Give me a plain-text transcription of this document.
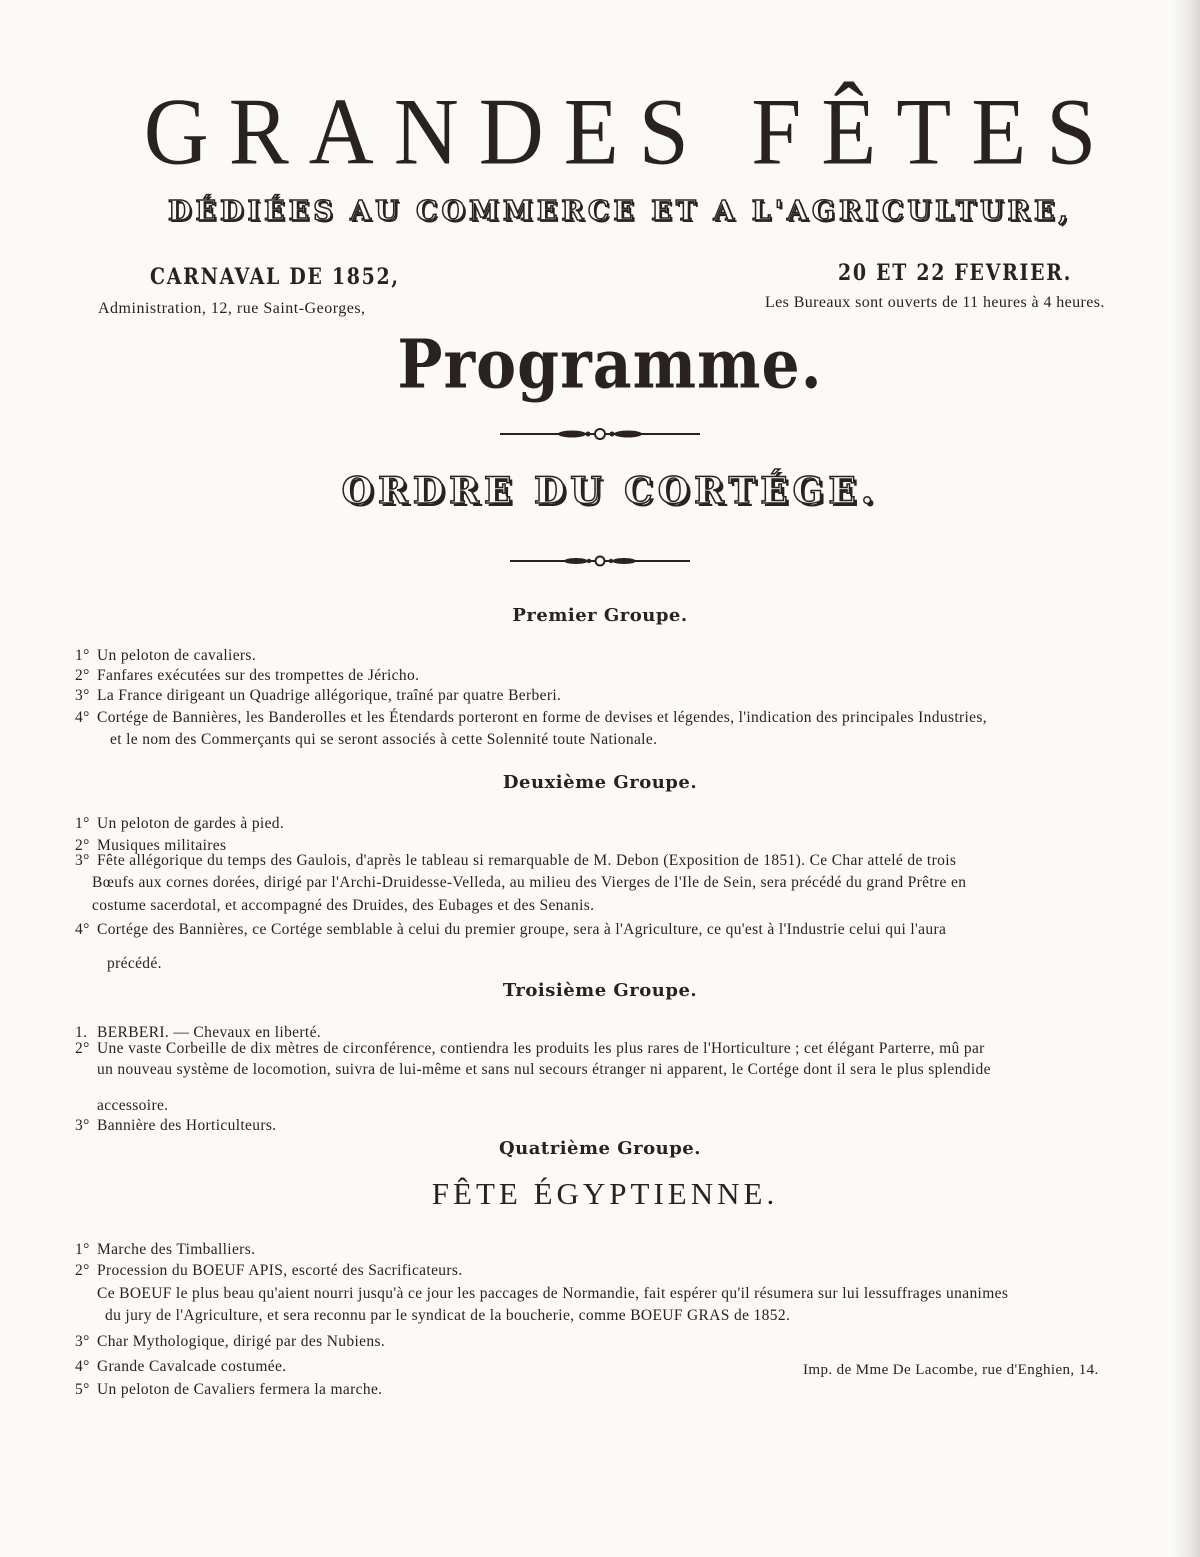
GRANDES FÊTES
DÉDIÉES AU COMMERCE ET A L'AGRICULTURE,
CARNAVAL DE 1852,
Administration, 12, rue Saint-Georges,
20 ET 22 FEVRIER.
Les Bureaux sont ouverts de 11 heures à 4 heures.
Programme.
ORDRE DU CORTÉGE.
Premier Groupe.
1° Un peloton de cavaliers.
2° Fanfares exécutées sur des trompettes de Jéricho.
3° La France dirigeant un Quadrige allégorique, traîné par quatre Berberi.
4° Cortége de Bannières, les Banderolles et les Étendards porteront en forme de devises et légendes, l'indication des principales Industries,
et le nom des Commerçants qui se seront associés à cette Solennité toute Nationale.
Deuxième Groupe.
1° Un peloton de gardes à pied.
2° Musiques militaires
3° Fête allégorique du temps des Gaulois, d'après le tableau si remarquable de M. Debon (Exposition de 1851). Ce Char attelé de trois
Bœufs aux cornes dorées, dirigé par l'Archi-Druidesse-Velleda, au milieu des Vierges de l'Ile de Sein, sera précédé du grand Prêtre en
costume sacerdotal, et accompagné des Druides, des Eubages et des Senanis.
4° Cortége des Bannières, ce Cortége semblable à celui du premier groupe, sera à l'Agriculture, ce qu'est à l'Industrie celui qui l'aura
précédé.
Troisième Groupe.
1. BERBERI. — Chevaux en liberté.
2° Une vaste Corbeille de dix mètres de circonférence, contiendra les produits les plus rares de l'Horticulture ; cet élégant Parterre, mû par
un nouveau système de locomotion, suivra de lui-même et sans nul secours étranger ni apparent, le Cortége dont il sera le plus splendide
accessoire.
3° Bannière des Horticulteurs.
Quatrième Groupe.
FÊTE ÉGYPTIENNE.
1° Marche des Timballiers.
2° Procession du BOEUF APIS, escorté des Sacrificateurs.
Ce BOEUF le plus beau qu'aient nourri jusqu'à ce jour les paccages de Normandie, fait espérer qu'il résumera sur lui lessuffrages unanimes
du jury de l'Agriculture, et sera reconnu par le syndicat de la boucherie, comme BOEUF GRAS de 1852.
3° Char Mythologique, dirigé par des Nubiens.
4° Grande Cavalcade costumée.
5° Un peloton de Cavaliers fermera la marche.
Imp. de Mme De Lacombe, rue d'Enghien, 14.
